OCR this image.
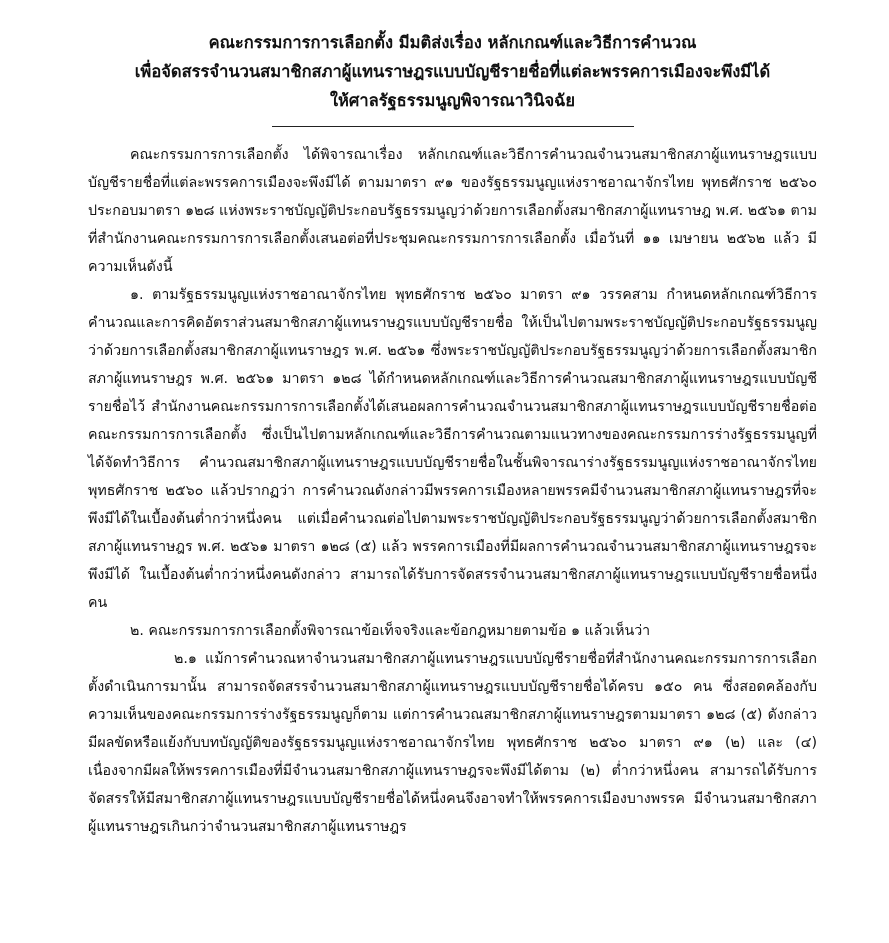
คณะกรรมการการเลือกตั้ง มีมติส่งเรื่อง หลักเกณฑ์และวิธีการคำนวณ

เพื่อจัดสรรจำนวนสมาชิกสภาผู้แทนราษฎรแบบบัญชีรายชื่อที่แต่ละพรรคการเมืองจะพึงมีได้

ให้ศาลรัฐธรรมนูญพิจารณาวินิจฉัย

คณะกรรมการการเลือกตั้ง ได้พิจารณาเรื่อง หลักเกณฑ์และวิธีการคำนวณจำนวนสมาชิกสภาผู้แทนราษฎรแบบบัญชีรายชื่อที่แต่ละพรรคการเมืองจะพึงมีได้ ตามมาตรา ๙๑ ของรัฐธรรมนูญแห่งราชอาณาจักรไทย พุทธศักราช ๒๕๖๐ ประกอบมาตรา ๑๒๘ แห่งพระราชบัญญัติประกอบรัฐธรรมนูญว่าด้วยการเลือกตั้งสมาชิกสภาผู้แทนราษฎ พ.ศ. ๒๕๖๑ ตามที่สำนักงานคณะกรรมการการเลือกตั้งเสนอต่อที่ประชุมคณะกรรมการการเลือกตั้ง เมื่อวันที่ ๑๑ เมษายน ๒๕๖๒ แล้ว มีความเห็นดังนี้

๑. ตามรัฐธรรมนูญแห่งราชอาณาจักรไทย พุทธศักราช ๒๕๖๐ มาตรา ๙๑ วรรคสาม กำหนดหลักเกณฑ์วิธีการคำนวณและการคิดอัตราส่วนสมาชิกสภาผู้แทนราษฎรแบบบัญชีรายชื่อ ให้เป็นไปตามพระราชบัญญัติประกอบรัฐธรรมนูญว่าด้วยการเลือกตั้งสมาชิกสภาผู้แทนราษฎร พ.ศ. ๒๕๖๑ ซึ่งพระราชบัญญัติประกอบรัฐธรรมนูญว่าด้วยการเลือกตั้งสมาชิกสภาผู้แทนราษฎร พ.ศ. ๒๕๖๑ มาตรา ๑๒๘ ได้กำหนดหลักเกณฑ์และวิธีการคำนวณสมาชิกสภาผู้แทนราษฎรแบบบัญชีรายชื่อไว้ สำนักงานคณะกรรมการการเลือกตั้งได้เสนอผลการคำนวณจำนวนสมาชิกสภาผู้แทนราษฎรแบบบัญชีรายชื่อต่อคณะกรรมการการเลือกตั้ง ซึ่งเป็นไปตามหลักเกณฑ์และวิธีการคำนวณตามแนวทางของคณะกรรมการร่างรัฐธรรมนูญที่ได้จัดทำวิธีการ คำนวณสมาชิกสภาผู้แทนราษฎรแบบบัญชีรายชื่อในชั้นพิจารณาร่างรัฐธรรมนูญแห่งราชอาณาจักรไทย พุทธศักราช ๒๕๖๐ แล้วปรากฏว่า การคำนวณดังกล่าวมีพรรคการเมืองหลายพรรคมีจำนวนสมาชิกสภาผู้แทนราษฎรที่จะพึงมีได้ในเบื้องต้นต่ำกว่าหนึ่งคน แต่เมื่อคำนวณต่อไปตามพระราชบัญญัติประกอบรัฐธรรมนูญว่าด้วยการเลือกตั้งสมาชิกสภาผู้แทนราษฎร พ.ศ. ๒๕๖๑ มาตรา ๑๒๘ (๕) แล้ว พรรคการเมืองที่มีผลการคำนวณจำนวนสมาชิกสภาผู้แทนราษฎรจะพึงมีได้ ในเบื้องต้นต่ำกว่าหนึ่งคนดังกล่าว สามารถได้รับการจัดสรรจำนวนสมาชิกสภาผู้แทนราษฎรแบบบัญชีรายชื่อหนึ่งคน

๒. คณะกรรมการการเลือกตั้งพิจารณาข้อเท็จจริงและข้อกฎหมายตามข้อ ๑ แล้วเห็นว่า

๒.๑ แม้การคำนวณหาจำนวนสมาชิกสภาผู้แทนราษฎรแบบบัญชีรายชื่อที่สำนักงานคณะกรรมการการเลือกตั้งดำเนินการมานั้น สามารถจัดสรรจำนวนสมาชิกสภาผู้แทนราษฎรแบบบัญชีรายชื่อได้ครบ ๑๕๐ คน ซึ่งสอดคล้องกับความเห็นของคณะกรรมการร่างรัฐธรรมนูญก็ตาม แต่การคำนวณสมาชิกสภาผู้แทนราษฎรตามมาตรา ๑๒๘ (๕) ดังกล่าวมีผลขัดหรือแย้งกับบทบัญญัติของรัฐธรรมนูญแห่งราชอาณาจักรไทย พุทธศักราช ๒๕๖๐ มาตรา ๙๑ (๒) และ (๔) เนื่องจากมีผลให้พรรคการเมืองที่มีจำนวนสมาชิกสภาผู้แทนราษฎรจะพึงมีได้ตาม (๒) ต่ำกว่าหนึ่งคน สามารถได้รับการจัดสรรให้มีสมาชิกสภาผู้แทนราษฎรแบบบัญชีรายชื่อได้หนึ่งคนจึงอาจทำให้พรรคการเมืองบางพรรค มีจำนวนสมาชิกสภาผู้แทนราษฎรเกินกว่าจำนวนสมาชิกสภาผู้แทนราษฎร
